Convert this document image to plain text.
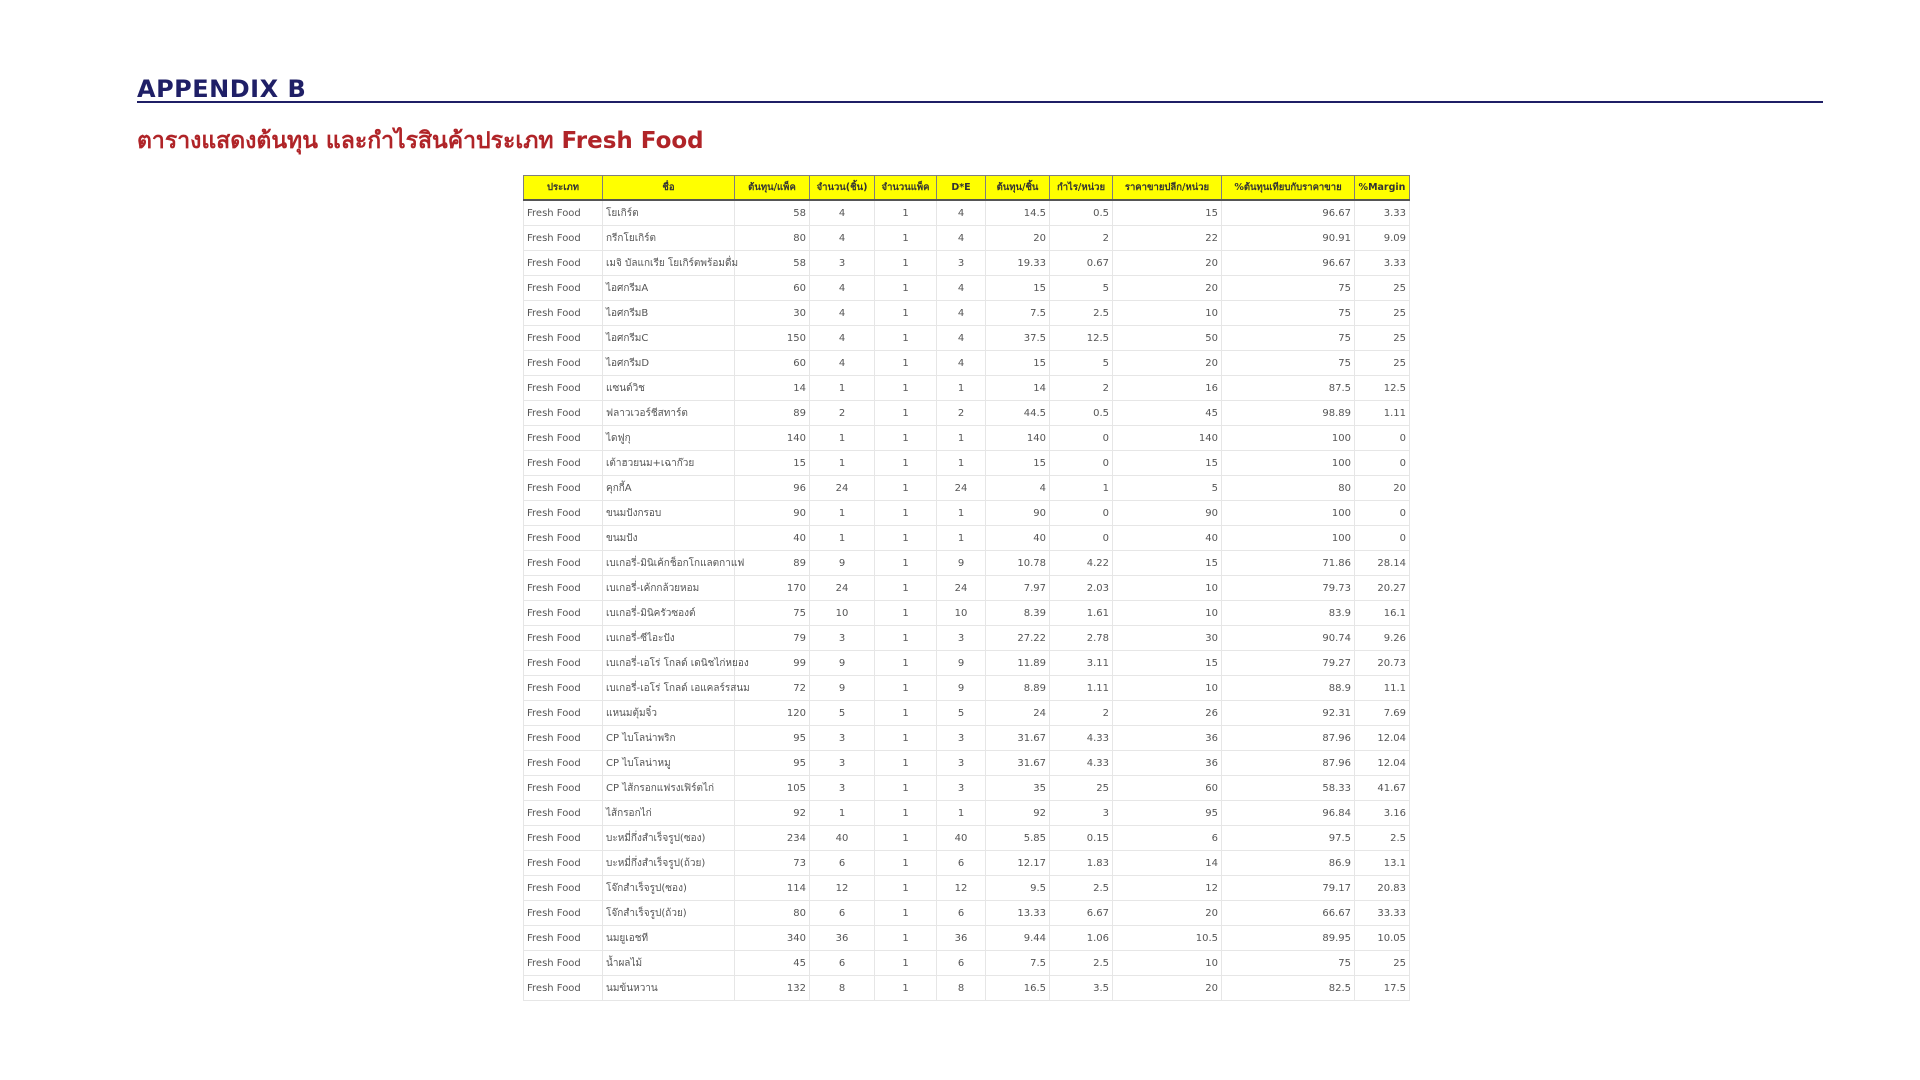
APPENDIX B
ตารางแสดงต้นทุน และกำไรสินค้าประเภท Fresh Food
ประเภท	ชื่อ	ต้นทุน/แพ็ค	จำนวน(ชิ้น)	จำนวนแพ็ค	D*E	ต้นทุน/ชิ้น	กำไร/หน่วย	ราคาขายปลีก/หน่วย	%ต้นทุนเทียบกับราคาขาย	%Margin
Fresh Food	โยเกิร์ต	58	4	1	4	14.5	0.5	15	96.67	3.33
Fresh Food	กรีกโยเกิร์ต	80	4	1	4	20	2	22	90.91	9.09
Fresh Food	เมจิ บัลแกเรีย โยเกิร์ตพร้อมดื่ม	58	3	1	3	19.33	0.67	20	96.67	3.33
Fresh Food	ไอศกรีมA	60	4	1	4	15	5	20	75	25
Fresh Food	ไอศกรีมB	30	4	1	4	7.5	2.5	10	75	25
Fresh Food	ไอศกรีมC	150	4	1	4	37.5	12.5	50	75	25
Fresh Food	ไอศกรีมD	60	4	1	4	15	5	20	75	25
Fresh Food	แซนด์วิช	14	1	1	1	14	2	16	87.5	12.5
Fresh Food	ฟลาวเวอร์ชีสทาร์ต	89	2	1	2	44.5	0.5	45	98.89	1.11
Fresh Food	ไดฟูกุ	140	1	1	1	140	0	140	100	0
Fresh Food	เต้าฮวยนม+เฉาก๊วย	15	1	1	1	15	0	15	100	0
Fresh Food	คุกกี้A	96	24	1	24	4	1	5	80	20
Fresh Food	ขนมปังกรอบ	90	1	1	1	90	0	90	100	0
Fresh Food	ขนมปัง	40	1	1	1	40	0	40	100	0
Fresh Food	เบเกอรี่-มินิเค้กช็อกโกแลตกาแฟ	89	9	1	9	10.78	4.22	15	71.86	28.14
Fresh Food	เบเกอรี่-เค้กกล้วยหอม	170	24	1	24	7.97	2.03	10	79.73	20.27
Fresh Food	เบเกอรี่-มินิครัวซองต์	75	10	1	10	8.39	1.61	10	83.9	16.1
Fresh Food	เบเกอรี่-ซีไอะปัง	79	3	1	3	27.22	2.78	30	90.74	9.26
Fresh Food	เบเกอรี่-เอโร่ โกลด์ เดนิชไก่หยอง	99	9	1	9	11.89	3.11	15	79.27	20.73
Fresh Food	เบเกอรี่-เอโร่ โกลด์ เอแคลร์รสนม	72	9	1	9	8.89	1.11	10	88.9	11.1
Fresh Food	แหนมตุ้มจิ๋ว	120	5	1	5	24	2	26	92.31	7.69
Fresh Food	CP ไบโลน่าพริก	95	3	1	3	31.67	4.33	36	87.96	12.04
Fresh Food	CP ไบโลน่าหมู	95	3	1	3	31.67	4.33	36	87.96	12.04
Fresh Food	CP ไส้กรอกแฟรงเฟิร์ตไก่	105	3	1	3	35	25	60	58.33	41.67
Fresh Food	ไส้กรอกไก่	92	1	1	1	92	3	95	96.84	3.16
Fresh Food	บะหมี่กึ่งสำเร็จรูป(ซอง)	234	40	1	40	5.85	0.15	6	97.5	2.5
Fresh Food	บะหมี่กึ่งสำเร็จรูป(ถ้วย)	73	6	1	6	12.17	1.83	14	86.9	13.1
Fresh Food	โจ๊กสำเร็จรูป(ซอง)	114	12	1	12	9.5	2.5	12	79.17	20.83
Fresh Food	โจ๊กสำเร็จรูป(ถ้วย)	80	6	1	6	13.33	6.67	20	66.67	33.33
Fresh Food	นมยูเอชที	340	36	1	36	9.44	1.06	10.5	89.95	10.05
Fresh Food	น้ำผลไม้	45	6	1	6	7.5	2.5	10	75	25
Fresh Food	นมข้นหวาน	132	8	1	8	16.5	3.5	20	82.5	17.5
